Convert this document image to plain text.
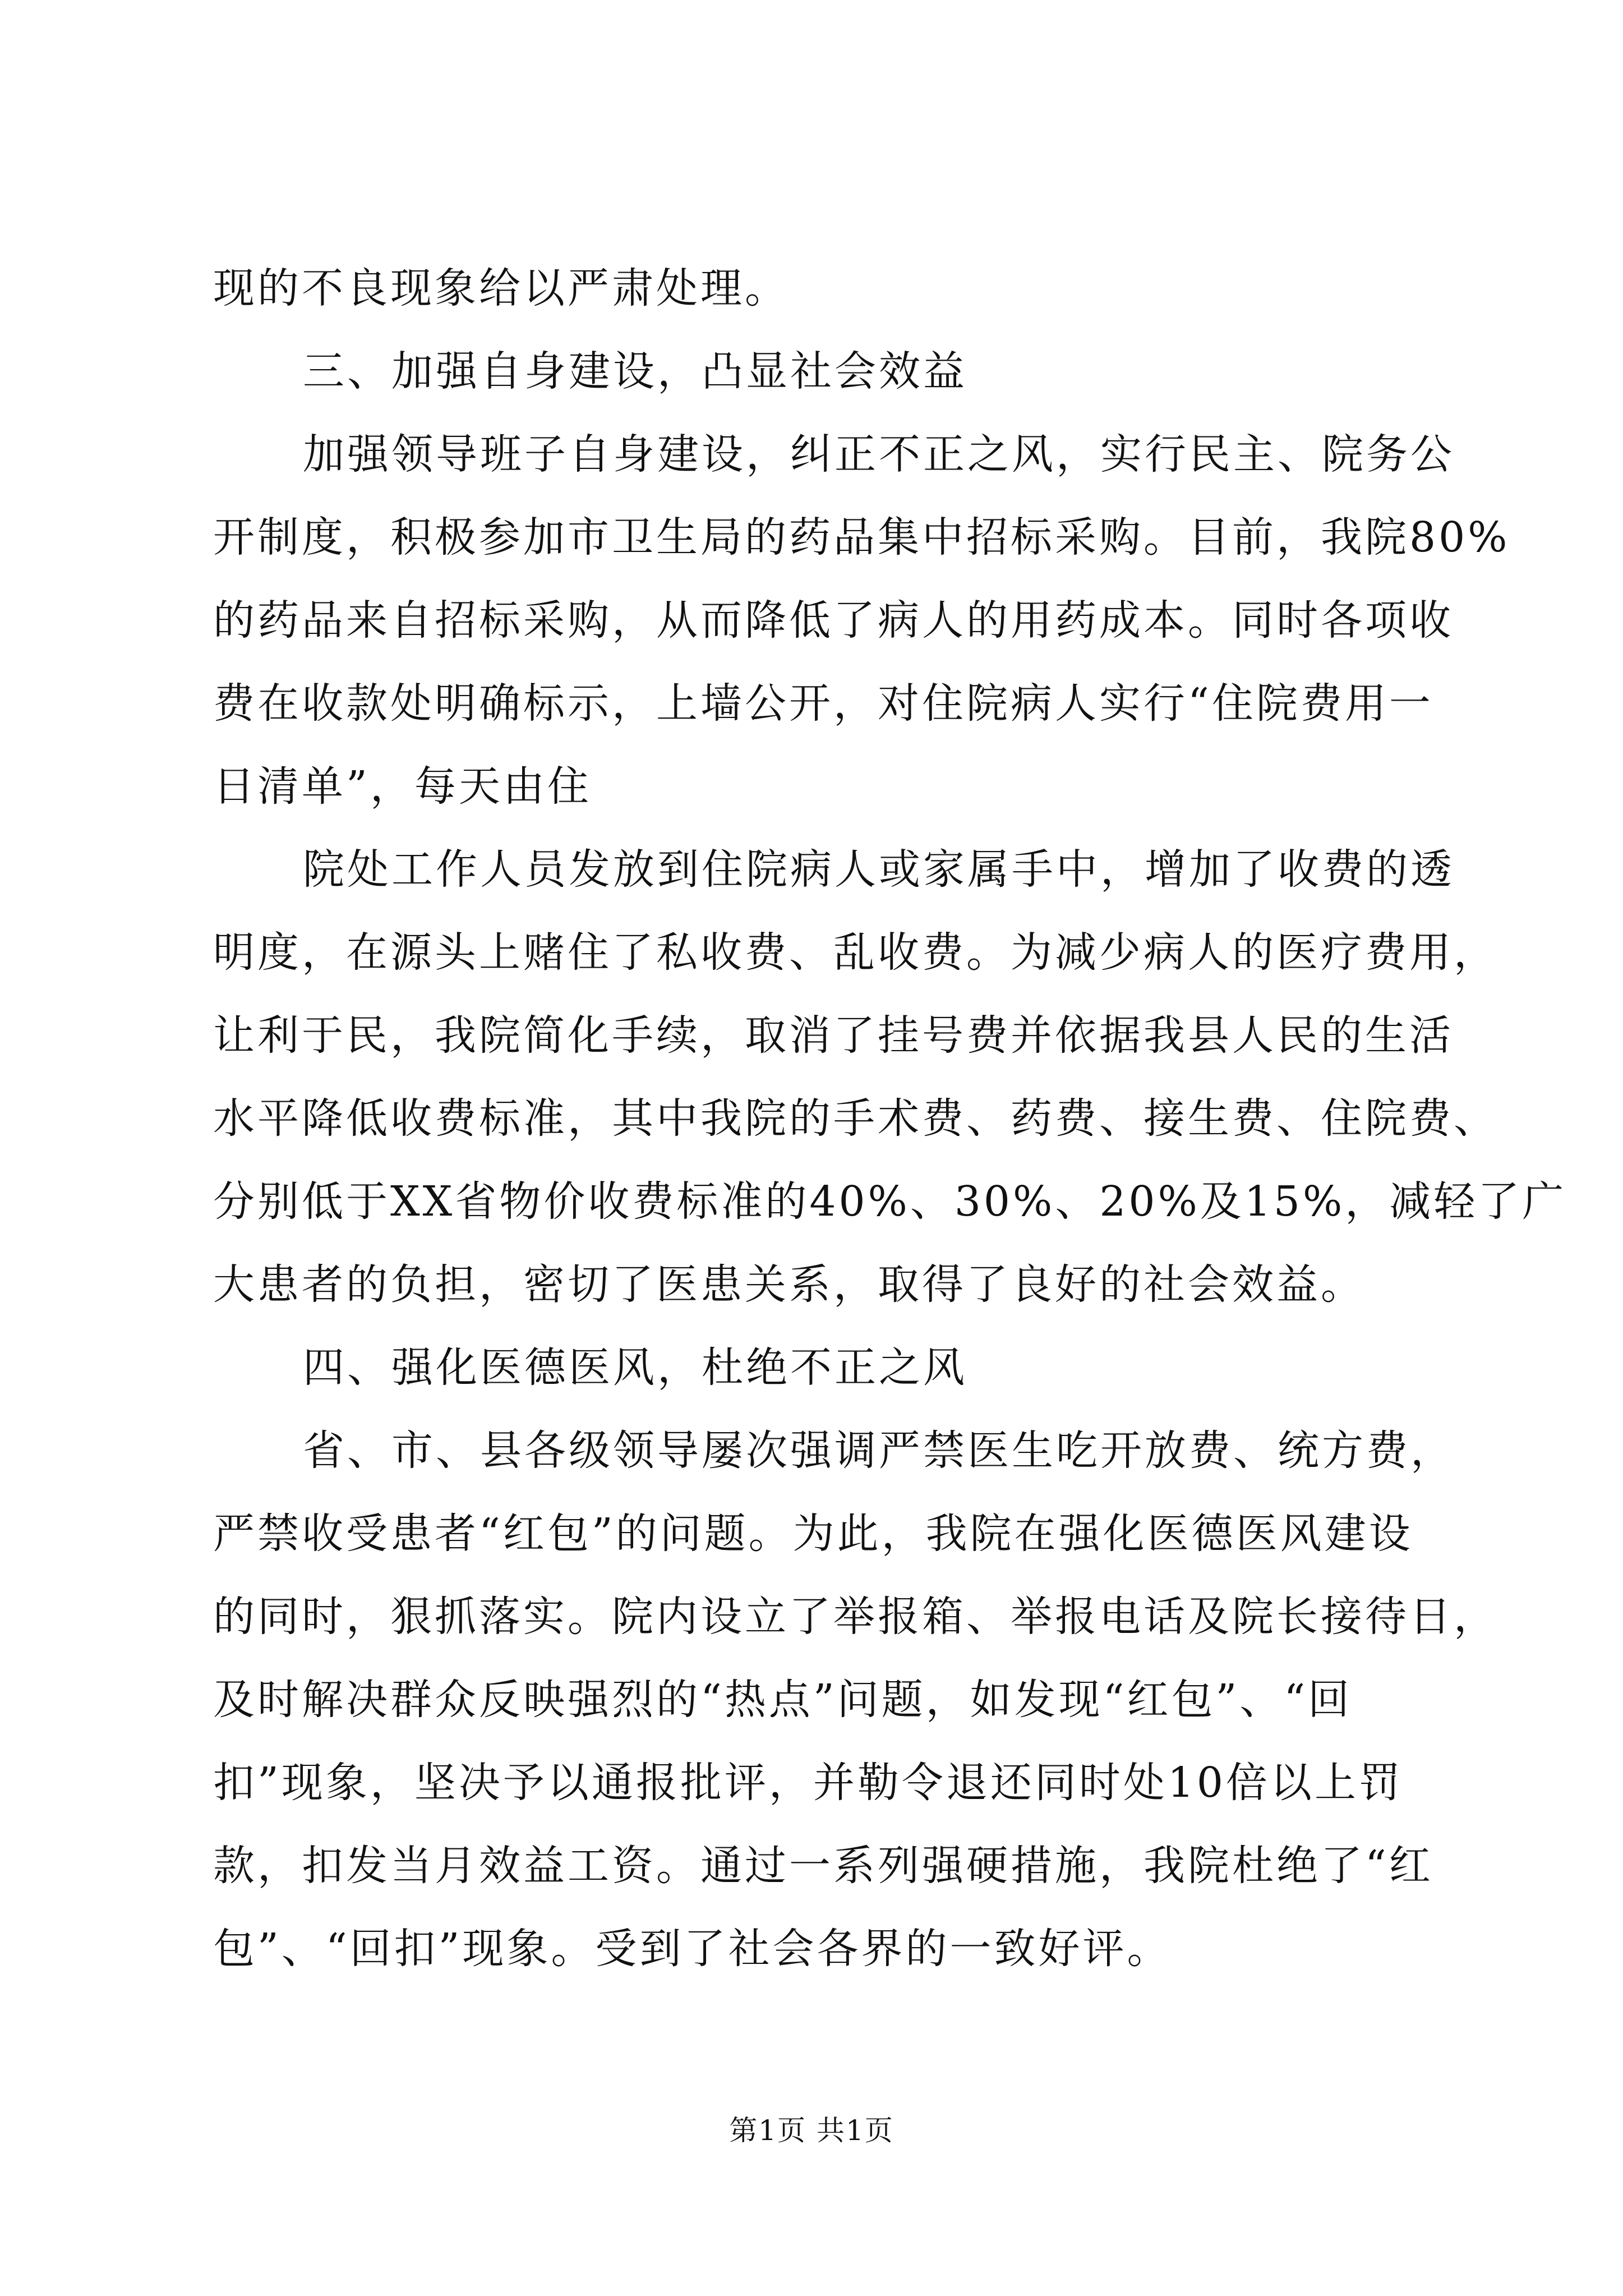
现的不良现象给以严肃处理。
三、加强自身建设，凸显社会效益
加强领导班子自身建设，纠正不正之风，实行民主、院务公
开制度，积极参加市卫生局的药品集中招标采购。目前，我院80%
的药品来自招标采购，从而降低了病人的用药成本。同时各项收
费在收款处明确标示，上墙公开，对住院病人实行“住院费用一
日清单”，每天由住
院处工作人员发放到住院病人或家属手中，增加了收费的透
明度，在源头上赌住了私收费、乱收费。为减少病人的医疗费用，
让利于民，我院简化手续，取消了挂号费并依据我县人民的生活
水平降低收费标准，其中我院的手术费、药费、接生费、住院费、
分别低于XX省物价收费标准的40%、30%、20%及15%，减轻了广
大患者的负担，密切了医患关系，取得了良好的社会效益。
四、强化医德医风，杜绝不正之风
省、市、县各级领导屡次强调严禁医生吃开放费、统方费，
严禁收受患者“红包”的问题。为此，我院在强化医德医风建设
的同时，狠抓落实。院内设立了举报箱、举报电话及院长接待日，
及时解决群众反映强烈的“热点”问题，如发现“红包”、“回
扣”现象，坚决予以通报批评，并勒令退还同时处10倍以上罚
款，扣发当月效益工资。通过一系列强硬措施，我院杜绝了“红
包”、“回扣”现象。受到了社会各界的一致好评。
第1页 共1页
